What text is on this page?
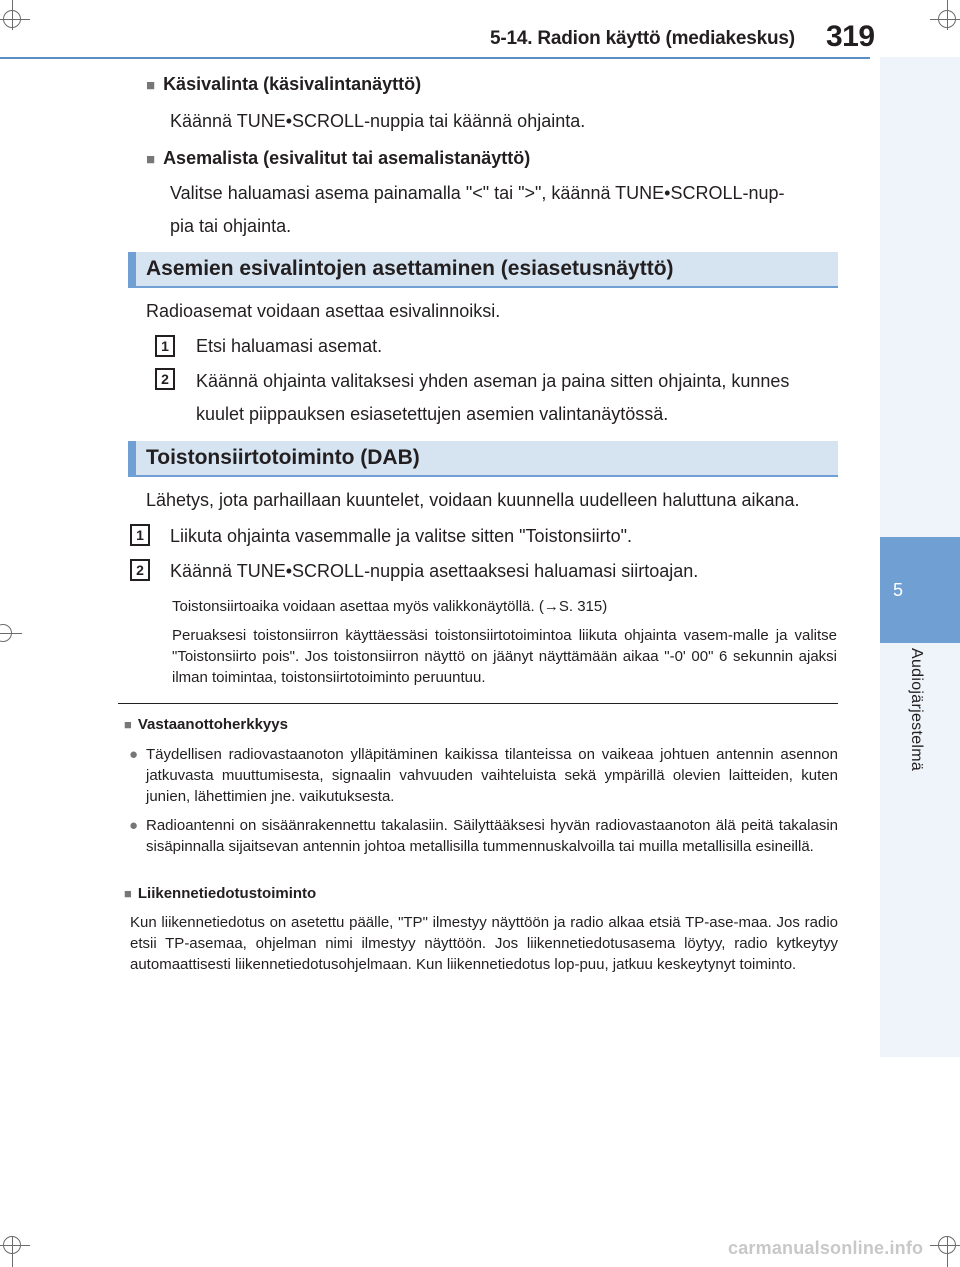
5-14. Radion käyttö (mediakeskus) 319
5
Audiojärjestelmä
■ Käsivalinta (käsivalintanäyttö)
Käännä TUNE•SCROLL-nuppia tai käännä ohjainta.
■ Asemalista (esivalitut tai asemalistanäyttö)
Valitse haluamasi asema painamalla "<" tai ">", käännä TUNE•SCROLL-nup-
pia tai ohjainta.
Asemien esivalintojen asettaminen (esiasetusnäyttö)
Radioasemat voidaan asettaa esivalinnoiksi.
1	Etsi haluamasi asemat.
2	Käännä ohjainta valitaksesi yhden aseman ja paina sitten ohjainta, kunnes
kuulet piippauksen esiasetettujen asemien valintanäytössä.
Toistonsiirtotoiminto (DAB)
Lähetys, jota parhaillaan kuuntelet, voidaan kuunnella uudelleen haluttuna aikana.
1	Liikuta ohjainta vasemmalle ja valitse sitten "Toistonsiirto".
2	Käännä TUNE•SCROLL-nuppia asettaaksesi haluamasi siirtoajan.
Toistonsiirtoaika voidaan asettaa myös valikkonäytöllä. (→S. 315)
Peruaksesi toistonsiirron käyttäessäsi toistonsiirtotoimintoa liikuta ohjainta vasem-malle ja valitse "Toistonsiirto pois". Jos toistonsiirron näyttö on jäänyt näyttämään aikaa "-0' 00" 6 sekunnin ajaksi ilman toimintaa, toistonsiirtotoiminto peruuntuu.
■ Vastaanottoherkkyys
● Täydellisen radiovastaanoton ylläpitäminen kaikissa tilanteissa on vaikeaa johtuen antennin asennon jatkuvasta muuttumisesta, signaalin vahvuuden vaihteluista sekä ympärillä olevien laitteiden, kuten junien, lähettimien jne. vaikutuksesta.
● Radioantenni on sisäänrakennettu takalasiin. Säilyttääksesi hyvän radiovastaanoton älä peitä takalasin sisäpinnalla sijaitsevan antennin johtoa metallisilla tummennuskalvoilla tai muilla metallisilla esineillä.
■ Liikennetiedotustoiminto
Kun liikennetiedotus on asetettu päälle, "TP" ilmestyy näyttöön ja radio alkaa etsiä TP-ase-maa. Jos radio etsii TP-asemaa, ohjelman nimi ilmestyy näyttöön. Jos liikennetiedotusasema löytyy, radio kytkeytyy automaattisesti liikennetiedotusohjelmaan. Kun liikennetiedotus lop-puu, jatkuu keskeytynyt toiminto.
carmanualsonline.info
